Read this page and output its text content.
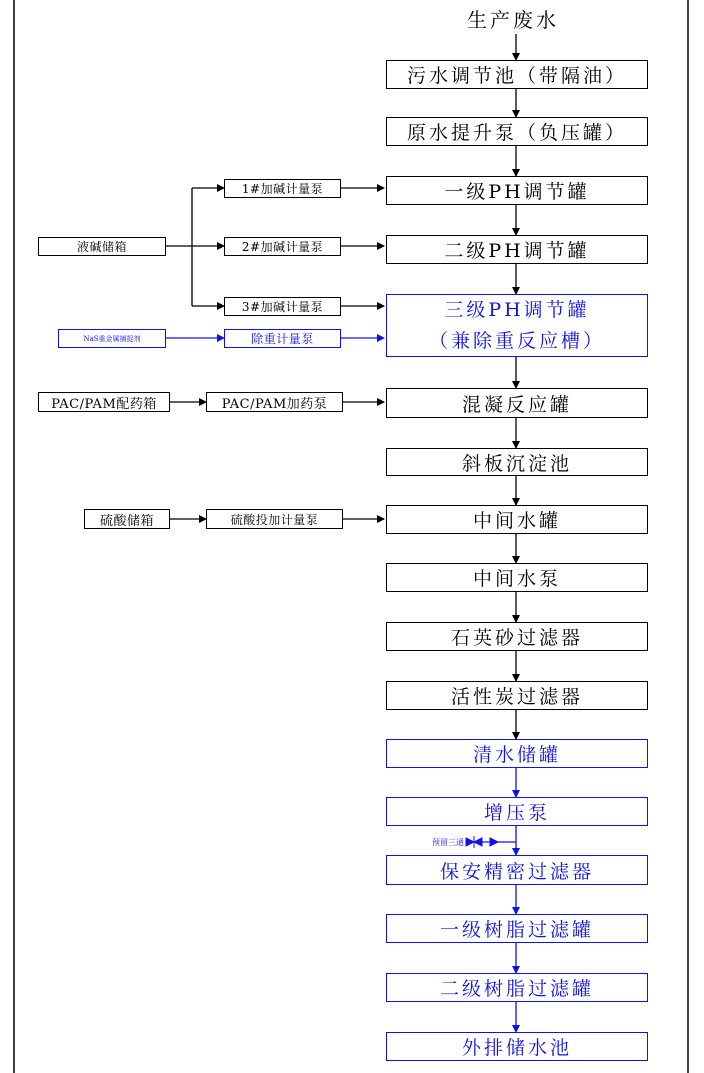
生产废水
污水调节池（带隔油）
原水提升泵（负压罐）
一级PH调节罐
二级PH调节罐
三级PH调节罐
（兼除重反应槽）
混凝反应罐
斜板沉淀池
中间水罐
中间水泵
石英砂过滤器
活性炭过滤器
清水储罐
增压泵
保安精密过滤器
一级树脂过滤罐
二级树脂过滤罐
外排储水池
液碱储箱
1#加碱计量泵
2#加碱计量泵
3#加碱计量泵
NaS重金属捕捉剂	除重计量泵
PAC/PAM配药箱	PAC/PAM加药泵
硫酸储箱	硫酸投加计量泵
预留三通
